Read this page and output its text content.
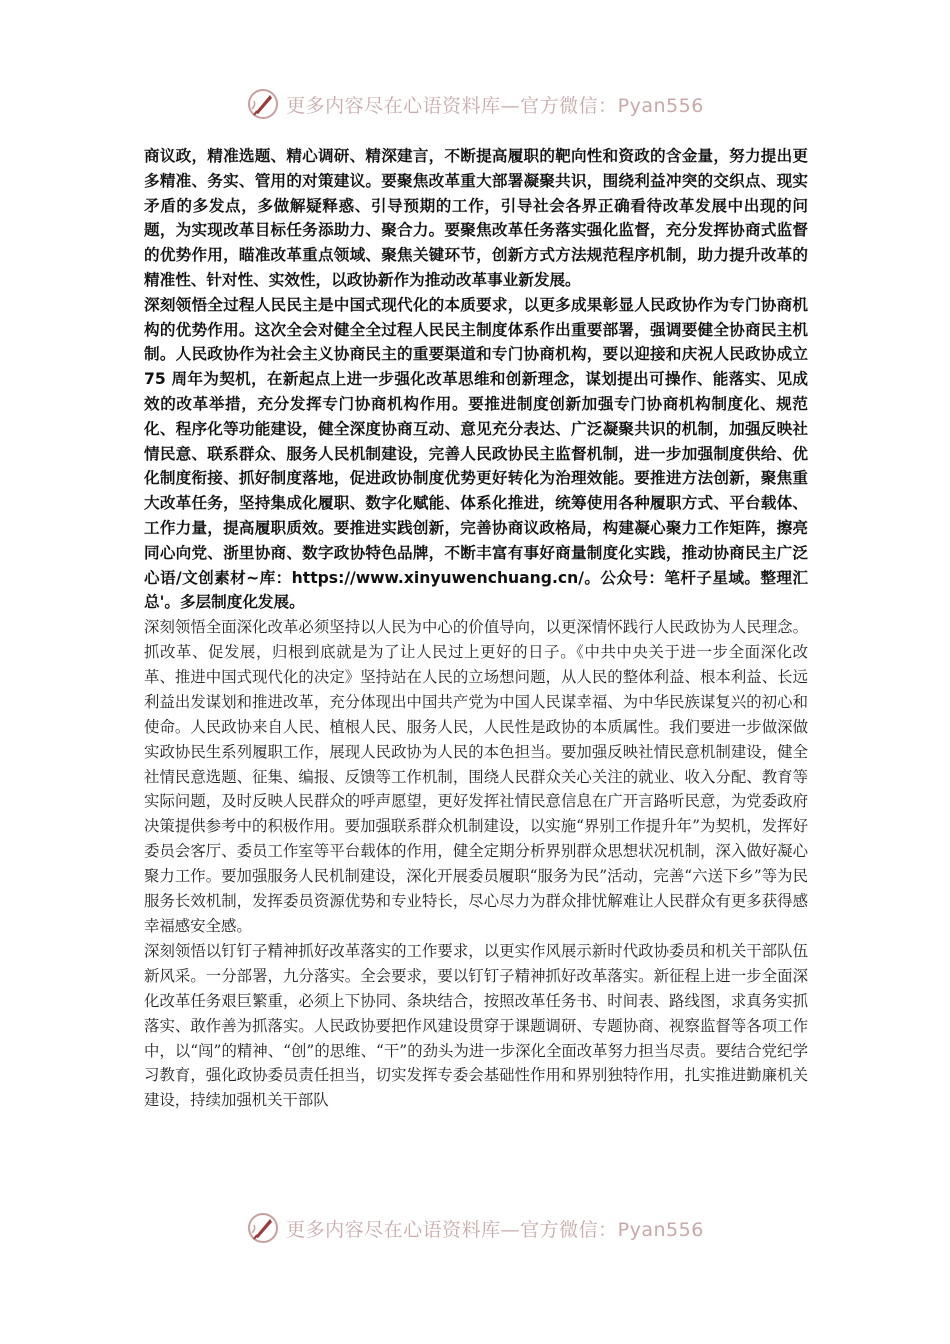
更多内容尽在心语资料库—官方微信：Pyan556

商议政，精准选题、精心调研、精深建言，不断提高履职的靶向性和资政的含金量，努力提出更多精准、务实、管用的对策建议。要聚焦改革重大部署凝聚共识，围绕利益冲突的交织点、现实矛盾的多发点，多做解疑释惑、引导预期的工作，引导社会各界正确看待改革发展中出现的问题，为实现改革目标任务添助力、聚合力。要聚焦改革任务落实强化监督，充分发挥协商式监督的优势作用，瞄准改革重点领域、聚焦关键环节，创新方式方法规范程序机制，助力提升改革的精准性、针对性、实效性，以政协新作为推动改革事业新发展。

深刻领悟全过程人民民主是中国式现代化的本质要求，以更多成果彰显人民政协作为专门协商机构的优势作用。这次全会对健全全过程人民民主制度体系作出重要部署，强调要健全协商民主机制。人民政协作为社会主义协商民主的重要渠道和专门协商机构，要以迎接和庆祝人民政协成立 75 周年为契机，在新起点上进一步强化改革思维和创新理念，谋划提出可操作、能落实、见成效的改革举措，充分发挥专门协商机构作用。要推进制度创新加强专门协商机构制度化、规范化、程序化等功能建设，健全深度协商互动、意见充分表达、广泛凝聚共识的机制，加强反映社情民意、联系群众、服务人民机制建设，完善人民政协民主监督机制，进一步加强制度供给、优化制度衔接、抓好制度落地，促进政协制度优势更好转化为治理效能。要推进方法创新，聚焦重大改革任务，坚持集成化履职、数字化赋能、体系化推进，统筹使用各种履职方式、平台载体、工作力量，提高履职质效。要推进实践创新，完善协商议政格局，构建凝心聚力工作矩阵，擦亮同心向党、浙里协商、数字政协特色品牌，不断丰富有事好商量制度化实践，推动协商民主广泛心语/文创素材~库：https://www.xinyuwenchuang.cn/。公众号：笔杆子星域。整理汇总'。多层制度化发展。

深刻领悟全面深化改革必须坚持以人民为中心的价值导向，以更深情怀践行人民政协为人民理念。抓改革、促发展，归根到底就是为了让人民过上更好的日子。《中共中央关于进一步全面深化改革、推进中国式现代化的决定》坚持站在人民的立场想问题，从人民的整体利益、根本利益、长远利益出发谋划和推进改革，充分体现出中国共产党为中国人民谋幸福、为中华民族谋复兴的初心和使命。人民政协来自人民、植根人民、服务人民，人民性是政协的本质属性。我们要进一步做深做实政协民生系列履职工作，展现人民政协为人民的本色担当。要加强反映社情民意机制建设，健全社情民意选题、征集、编报、反馈等工作机制，围绕人民群众关心关注的就业、收入分配、教育等实际问题，及时反映人民群众的呼声愿望，更好发挥社情民意信息在广开言路听民意，为党委政府决策提供参考中的积极作用。要加强联系群众机制建设，以实施“界别工作提升年”为契机，发挥好委员会客厅、委员工作室等平台载体的作用，健全定期分析界别群众思想状况机制，深入做好凝心聚力工作。要加强服务人民机制建设，深化开展委员履职“服务为民”活动，完善“六送下乡”等为民服务长效机制，发挥委员资源优势和专业特长，尽心尽力为群众排忧解难让人民群众有更多获得感幸福感安全感。

深刻领悟以钉钉子精神抓好改革落实的工作要求，以更实作风展示新时代政协委员和机关干部队伍新风采。一分部署，九分落实。全会要求，要以钉钉子精神抓好改革落实。新征程上进一步全面深化改革任务艰巨繁重，必须上下协同、条块结合，按照改革任务书、时间表、路线图，求真务实抓落实、敢作善为抓落实。人民政协要把作风建设贯穿于课题调研、专题协商、视察监督等各项工作中，以“闯”的精神、“创”的思维、“干”的劲头为进一步深化全面改革努力担当尽责。要结合党纪学习教育，强化政协委员责任担当，切实发挥专委会基础性作用和界别独特作用，扎实推进勤廉机关建设，持续加强机关干部队

更多内容尽在心语资料库—官方微信：Pyan556
